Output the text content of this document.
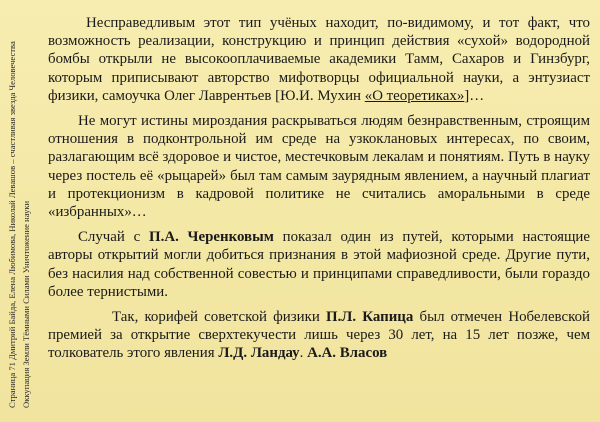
Страница 71 Дмитрий Байда, Елена Любимова, Николай Левашов – счастливая звезда Человечества Оккупация Земли Тёмными Силами Уничтожение науки

Несправедливым этот тип учёных находит, по-видимому, и тот факт, что возможность реализации, конструкцию и принцип действия «сухой» водородной бомбы открыли не высокооплачиваемые академики Тамм, Сахаров и Гинзбург, которым приписывают авторство мифотворцы официальной науки, а энтузиаст физики, самоучка Олег Лаврентьев [Ю.И. Мухин «О теоретиках»]…

Не могут истины мироздания раскрываться людям безнравственным, строящим отношения в подконтрольной им среде на узкоклановых интересах, по своим, разлагающим всё здоровое и чистое, местечковым лекалам и понятиям. Путь в науку через постель её «рыцарей» был там самым заурядным явлением, а научный плагиат и протекционизм в кадровой политике не считались аморальными в среде «избранных»…

Случай с П.А. Черенковым показал один из путей, которыми настоящие авторы открытий могли добиться признания в этой мафиозной среде. Другие пути, без насилия над собственной совестью и принципами справедливости, были гораздо более тернистыми.

Так, корифей советской физики П.Л. Капица был отмечен Нобелевской премией за открытие сверхтекучести лишь через 30 лет, на 15 лет позже, чем толкователь этого явления Л.Д. Ландау. А.А. Власов
